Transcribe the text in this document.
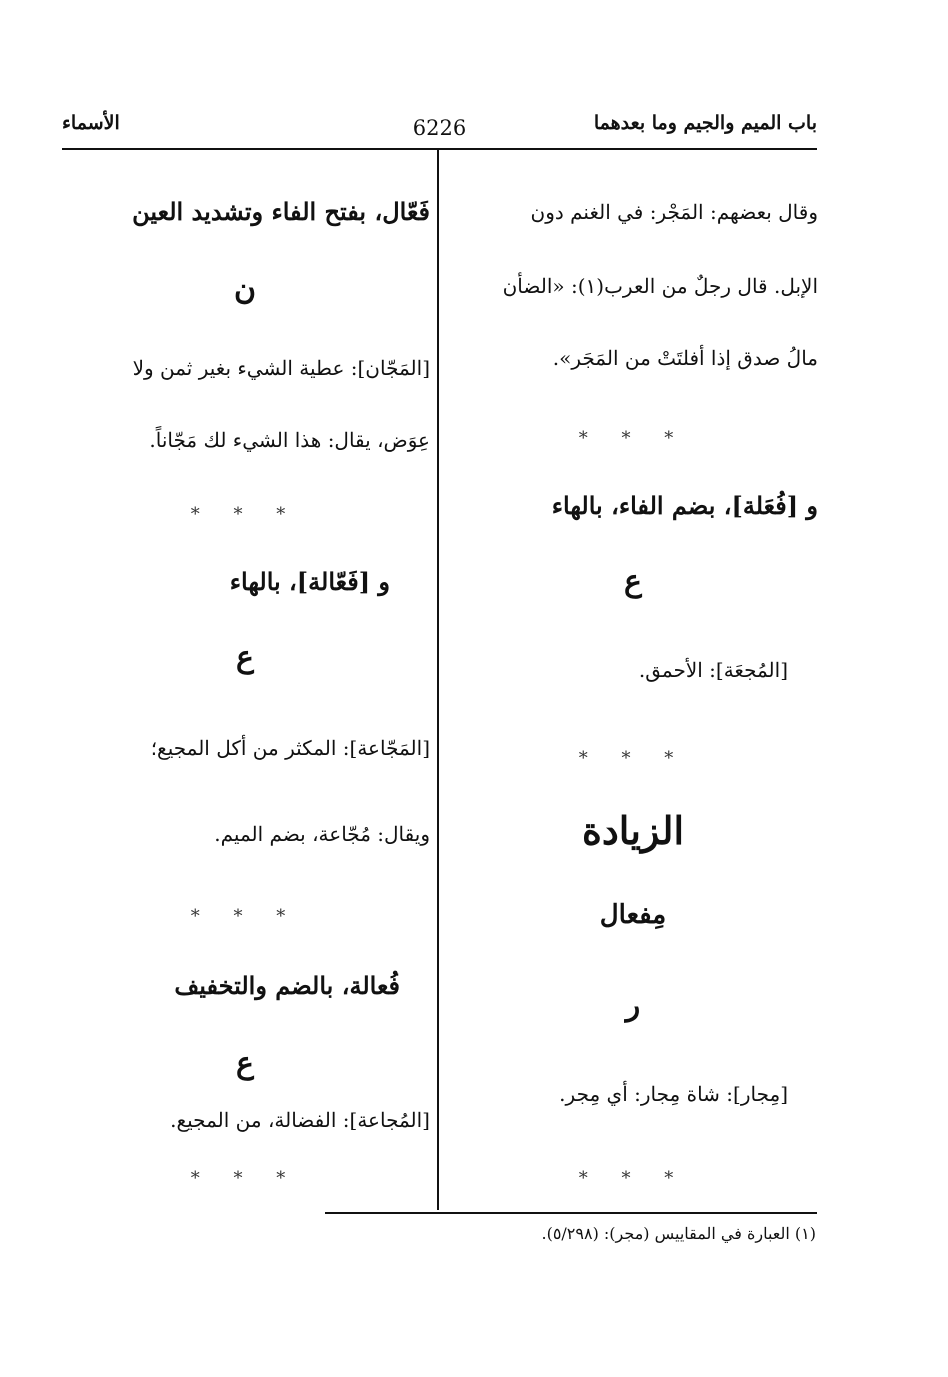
باب الميم والجيم وما بعدهما
6226
الأسماء
وقال بعضهم: المَجْر: في الغنم دون
الإبل. قال رجلٌ من العرب(١): «الضأن
مالُ صدق إذا أفلتَتْ من المَجَر».
* * *
و [فُعَلة]، بضم الفاء، بالهاء
ع
[المُجعَة]: الأحمق.
* * *
الزيادة
مِفعال
ر
[مِجار]: شاة مِجار: أي مِجر.
* * *
فَعّال، بفتح الفاء وتشديد العين
ن
[المَجّان]: عطية الشيء بغير ثمن ولا
عِوَض، يقال: هذا الشيء لك مَجّاناً.
* * *
و [فَعّالة]، بالهاء
ع
[المَجّاعة]: المكثر من أكل المجيع؛
ويقال: مُجّاعة، بضم الميم.
* * *
فُعالة، بالضم والتخفيف
ع
[المُجاعة]: الفضالة، من المجيع.
* * *
(١) العبارة في المقاييس (مجر): (٥/٢٩٨).
